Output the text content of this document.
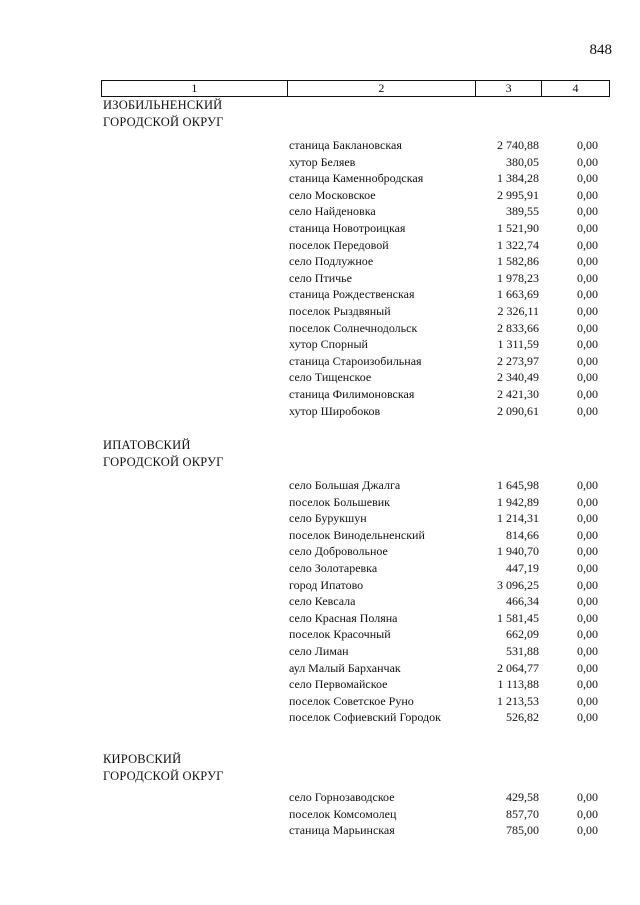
848
1	2	3	4
ИЗОБИЛЬНЕНСКИЙ
ГОРОДСКОЙ ОКРУГ
станица Баклановская	2 740,88	0,00
хутор Беляев	380,05	0,00
станица Каменнобродская	1 384,28	0,00
село Московское	2 995,91	0,00
село Найденовка	389,55	0,00
станица Новотроицкая	1 521,90	0,00
поселок Передовой	1 322,74	0,00
село Подлужное	1 582,86	0,00
село Птичье	1 978,23	0,00
станица Рождественская	1 663,69	0,00
поселок Рыздвяный	2 326,11	0,00
поселок Солнечнодольск	2 833,66	0,00
хутор Спорный	1 311,59	0,00
станица Староизобильная	2 273,97	0,00
село Тищенское	2 340,49	0,00
станица Филимоновская	2 421,30	0,00
хутор Широбоков	2 090,61	0,00
ИПАТОВСКИЙ
ГОРОДСКОЙ ОКРУГ
село Большая Джалга	1 645,98	0,00
поселок Большевик	1 942,89	0,00
село Бурукшун	1 214,31	0,00
поселок Винодельненский	814,66	0,00
село Добровольное	1 940,70	0,00
село Золотаревка	447,19	0,00
город Ипатово	3 096,25	0,00
село Кевсала	466,34	0,00
село Красная Поляна	1 581,45	0,00
поселок Красочный	662,09	0,00
село Лиман	531,88	0,00
аул Малый Барханчак	2 064,77	0,00
село Первомайское	1 113,88	0,00
поселок Советское Руно	1 213,53	0,00
поселок Софиевский Городок	526,82	0,00
КИРОВСКИЙ
ГОРОДСКОЙ ОКРУГ
село Горнозаводское	429,58	0,00
поселок Комсомолец	857,70	0,00
станица Марьинская	785,00	0,00
